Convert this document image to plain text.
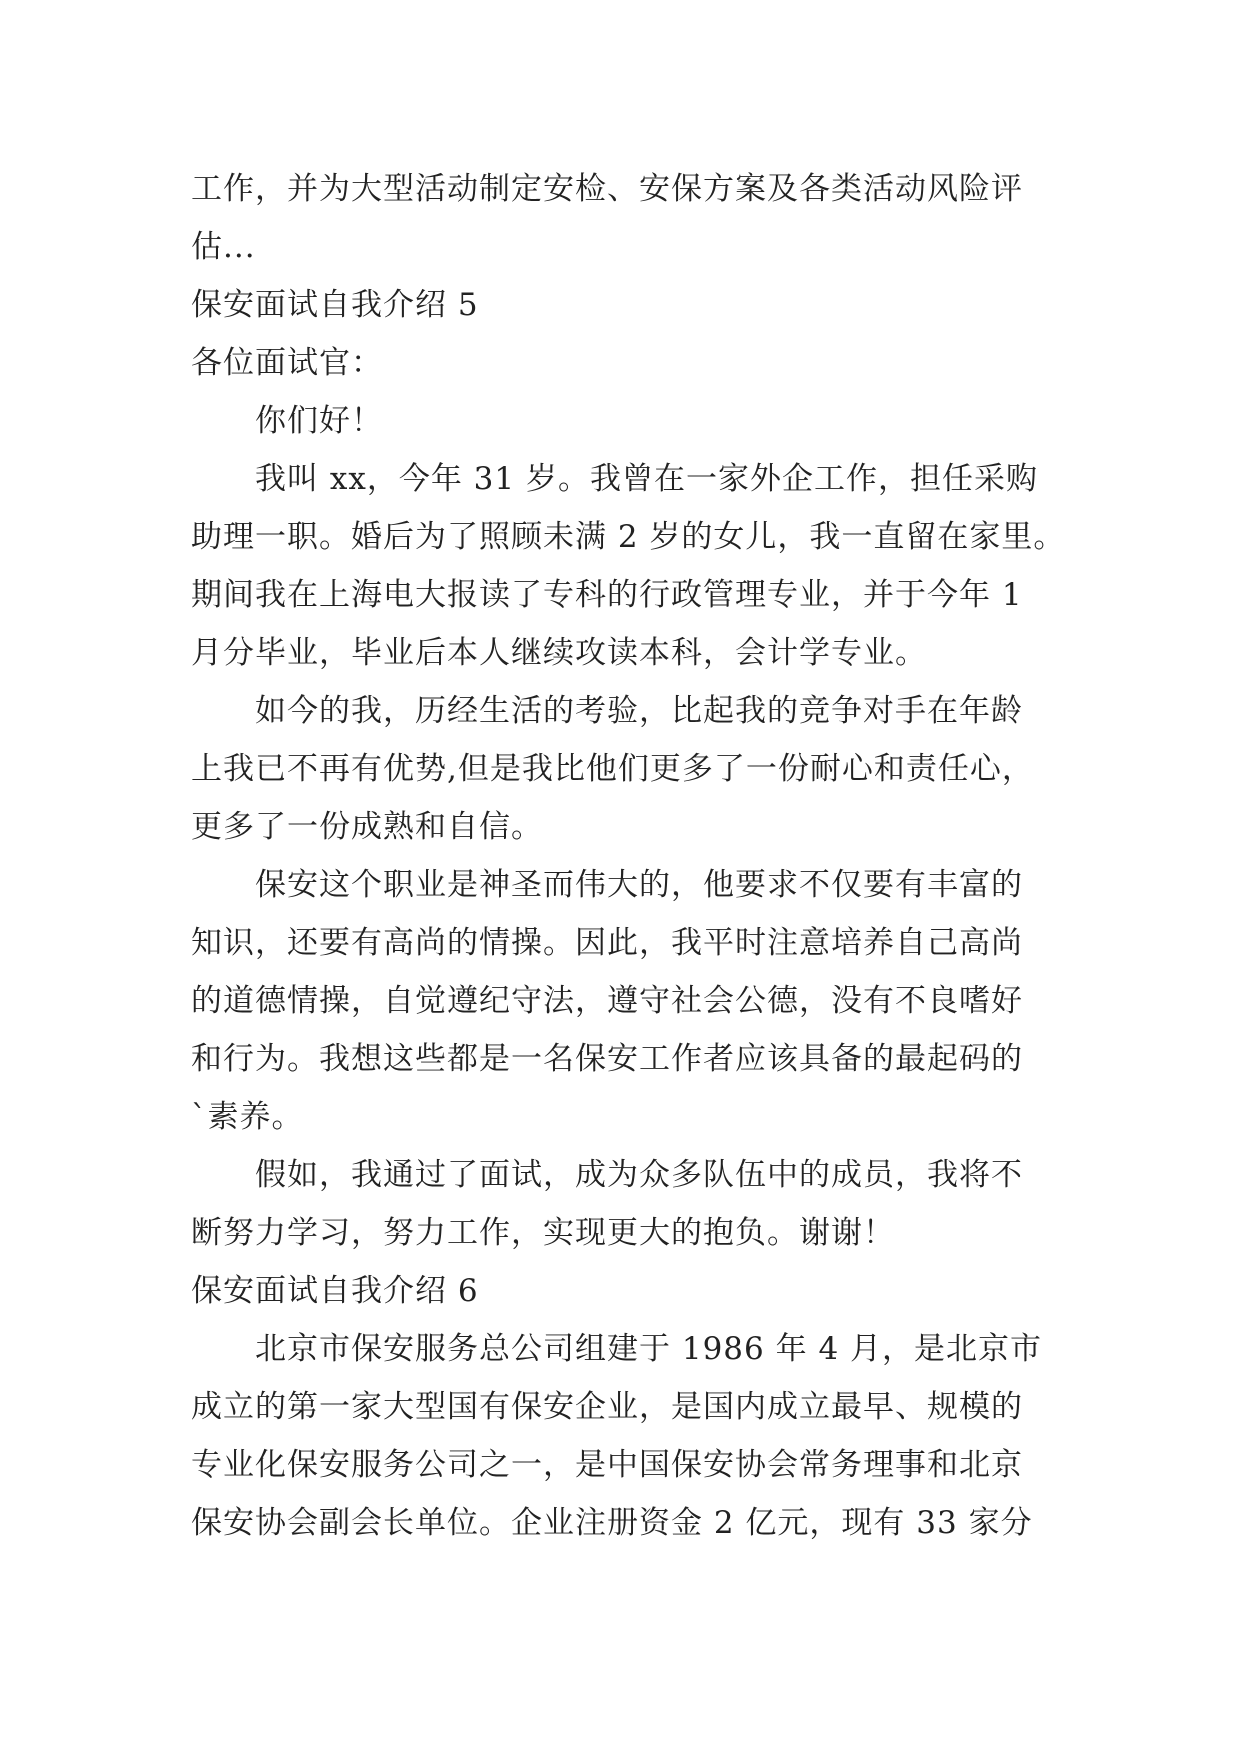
工作，并为大型活动制定安检、安保方案及各类活动风险评
估...
保安面试自我介绍 5
各位面试官：
你们好！
我叫 xx，今年 31 岁。我曾在一家外企工作，担任采购
助理一职。婚后为了照顾未满 2 岁的女儿，我一直留在家里。
期间我在上海电大报读了专科的行政管理专业，并于今年 1
月分毕业，毕业后本人继续攻读本科，会计学专业。
如今的我，历经生活的考验，比起我的竞争对手在年龄
上我已不再有优势,但是我比他们更多了一份耐心和责任心，
更多了一份成熟和自信。
保安这个职业是神圣而伟大的，他要求不仅要有丰富的
知识，还要有高尚的情操。因此，我平时注意培养自己高尚
的道德情操，自觉遵纪守法，遵守社会公德，没有不良嗜好
和行为。我想这些都是一名保安工作者应该具备的最起码的
`素养。
假如，我通过了面试，成为众多队伍中的成员，我将不
断努力学习，努力工作，实现更大的抱负。谢谢！
保安面试自我介绍 6
北京市保安服务总公司组建于 1986 年 4 月，是北京市
成立的第一家大型国有保安企业，是国内成立最早、规模的
专业化保安服务公司之一，是中国保安协会常务理事和北京
保安协会副会长单位。企业注册资金 2 亿元，现有 33 家分
